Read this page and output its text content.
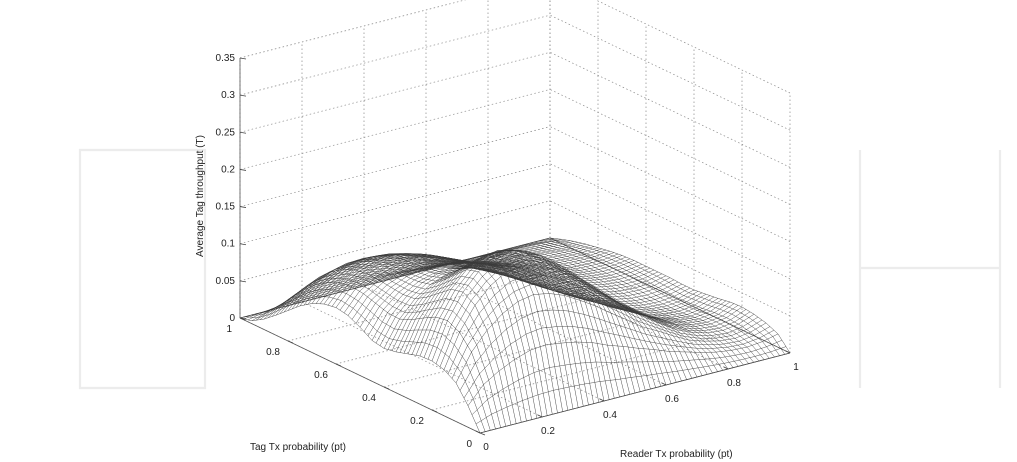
0
0.05
0.1
0.15
0.2
0.25
0.3
0.35
0
0.2
0.4
0.6
0.8
1
0
0.2
0.4
0.6
0.8
1
Average Tag throughput (T)
Tag Tx probability (pt)
Reader Tx probability (pt)
